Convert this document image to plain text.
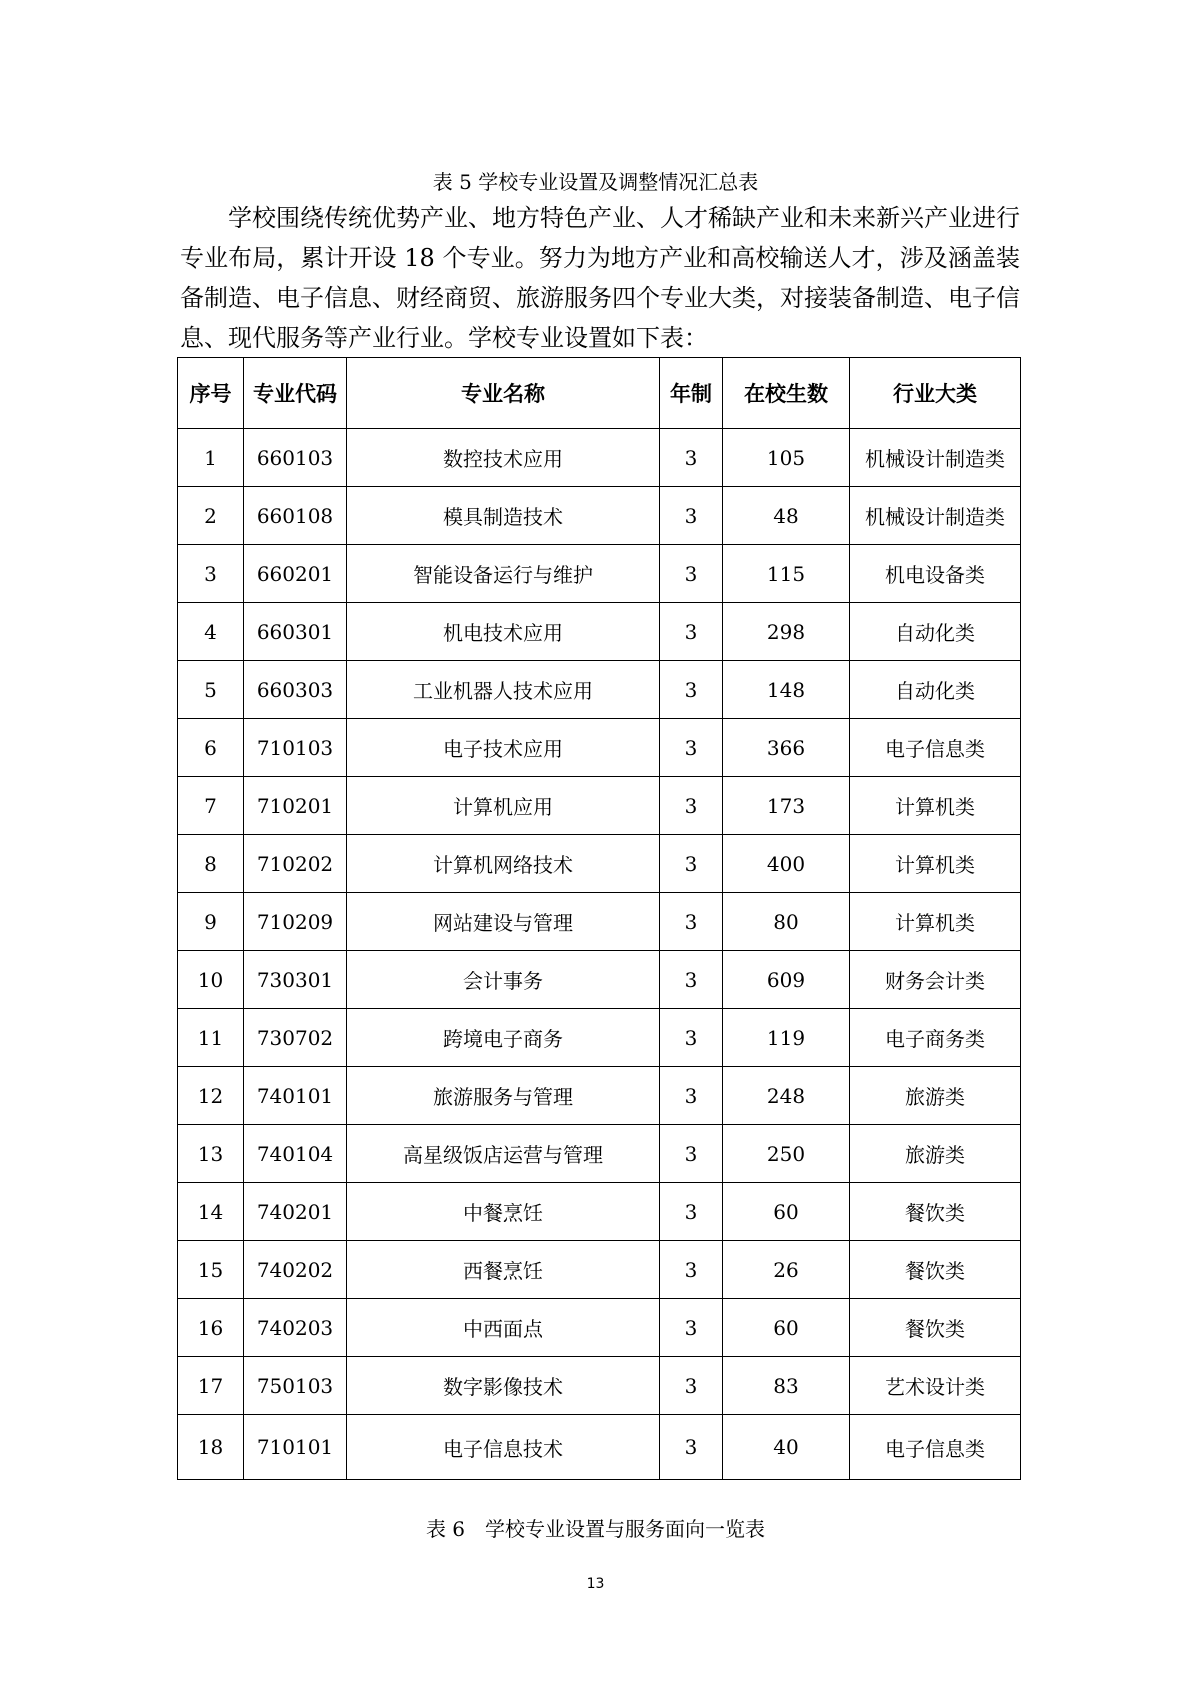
表 5 学校专业设置及调整情况汇总表

学校围绕传统优势产业、地方特色产业、人才稀缺产业和未来新兴产业进行专业布局，累计开设 18 个专业。努力为地方产业和高校输送人才，涉及涵盖装备制造、电子信息、财经商贸、旅游服务四个专业大类，对接装备制造、电子信息、现代服务等产业行业。学校专业设置如下表：

序号	专业代码	专业名称	年制	在校生数	行业大类
1	660103	数控技术应用	3	105	机械设计制造类
2	660108	模具制造技术	3	48	机械设计制造类
3	660201	智能设备运行与维护	3	115	机电设备类
4	660301	机电技术应用	3	298	自动化类
5	660303	工业机器人技术应用	3	148	自动化类
6	710103	电子技术应用	3	366	电子信息类
7	710201	计算机应用	3	173	计算机类
8	710202	计算机网络技术	3	400	计算机类
9	710209	网站建设与管理	3	80	计算机类
10	730301	会计事务	3	609	财务会计类
11	730702	跨境电子商务	3	119	电子商务类
12	740101	旅游服务与管理	3	248	旅游类
13	740104	高星级饭店运营与管理	3	250	旅游类
14	740201	中餐烹饪	3	60	餐饮类
15	740202	西餐烹饪	3	26	餐饮类
16	740203	中西面点	3	60	餐饮类
17	750103	数字影像技术	3	83	艺术设计类
18	710101	电子信息技术	3	40	电子信息类
表 6　学校专业设置与服务面向一览表
13
